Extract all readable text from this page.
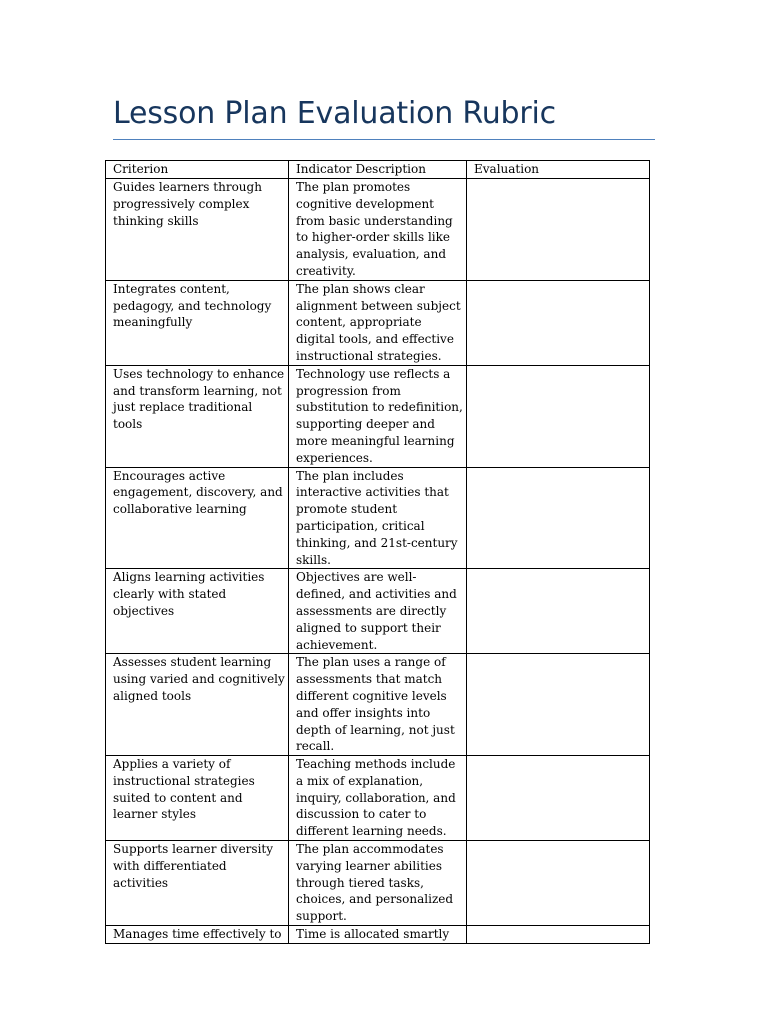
Lesson Plan Evaluation Rubric
Criterion	Indicator Description	Evaluation
Guides learners through progressively complex thinking skills	The plan promotes cognitive development from basic understanding to higher-order skills like analysis, evaluation, and creativity.	
Integrates content, pedagogy, and technology meaningfully	The plan shows clear alignment between subject content, appropriate digital tools, and effective instructional strategies.	
Uses technology to enhance and transform learning, not just replace traditional tools	Technology use reflects a progression from substitution to redefinition, supporting deeper and more meaningful learning experiences.	
Encourages active engagement, discovery, and collaborative learning	The plan includes interactive activities that promote student participation, critical thinking, and 21st-century skills.	
Aligns learning activities clearly with stated objectives	Objectives are well-defined, and activities and assessments are directly aligned to support their achievement.	
Assesses student learning using varied and cognitively aligned tools	The plan uses a range of assessments that match different cognitive levels and offer insights into depth of learning, not just recall.	
Applies a variety of instructional strategies suited to content and learner styles	Teaching methods include a mix of explanation, inquiry, collaboration, and discussion to cater to different learning needs.	
Supports learner diversity with differentiated activities	The plan accommodates varying learner abilities through tiered tasks, choices, and personalized support.	
Manages time effectively to	Time is allocated smartly	
